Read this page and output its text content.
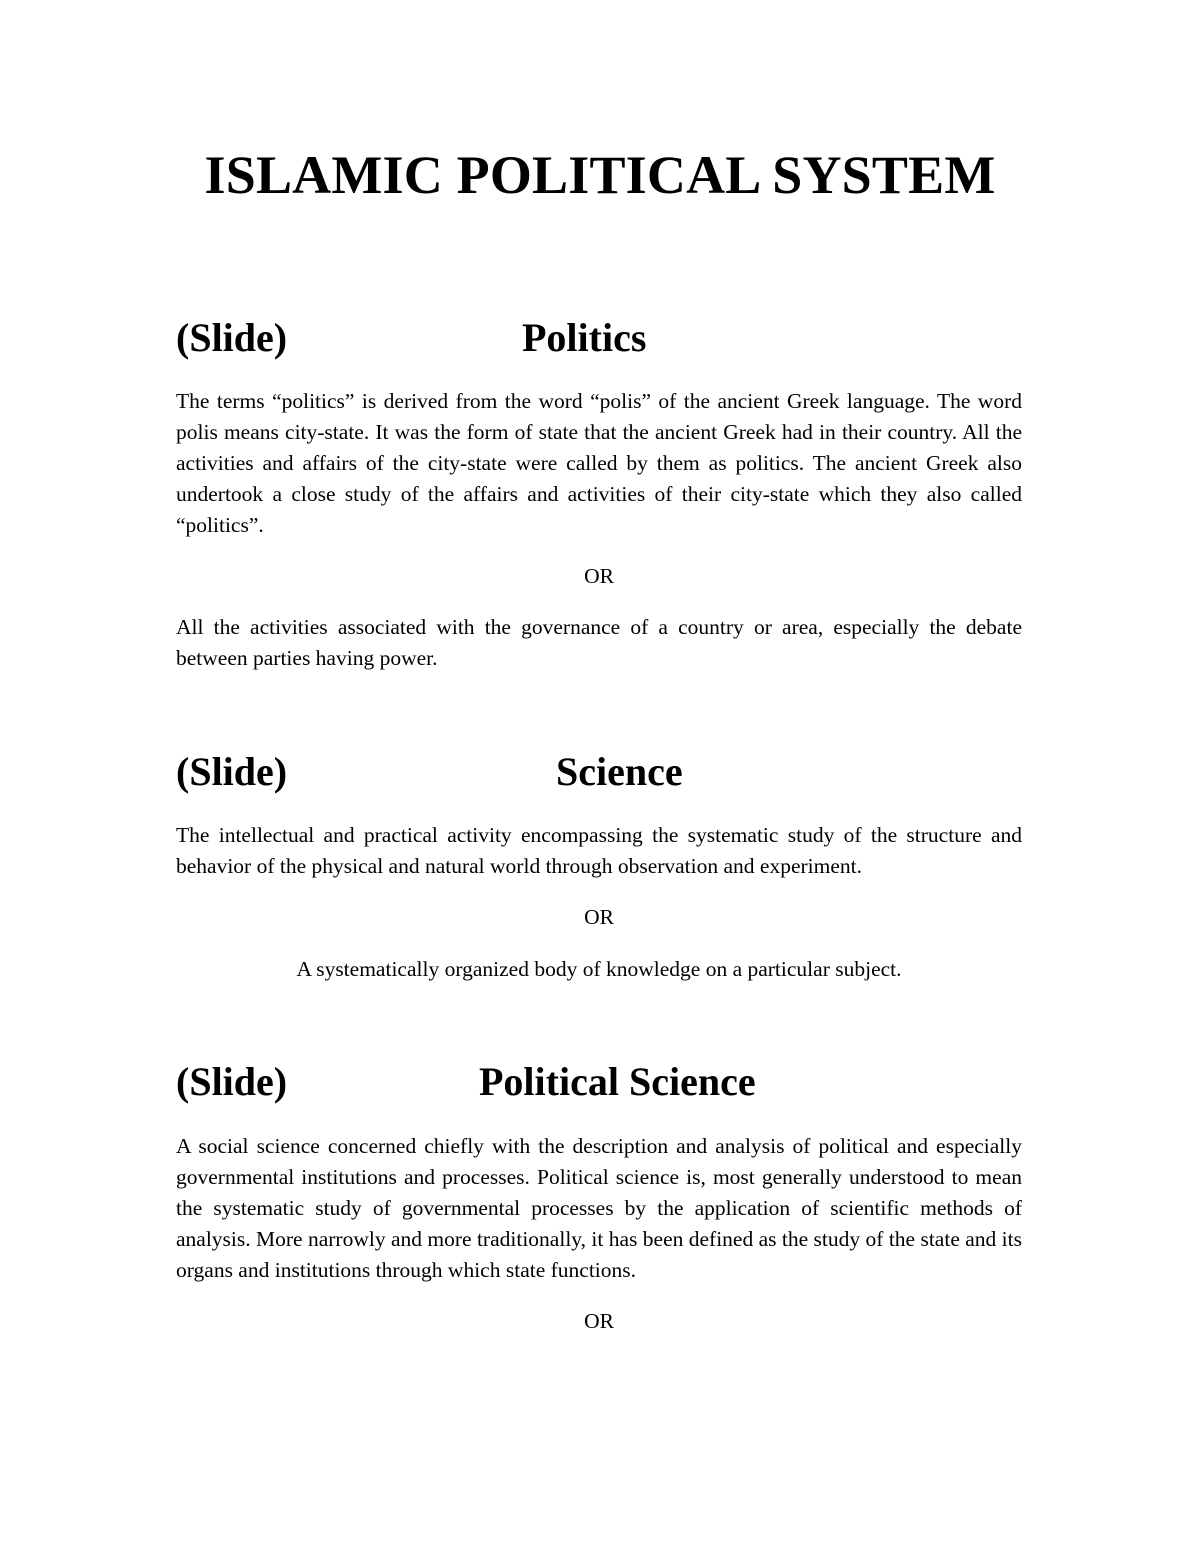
ISLAMIC POLITICAL SYSTEM
(Slide)	Politics

The terms “politics” is derived from the word “polis” of the ancient Greek language. The word polis means city-state. It was the form of state that the ancient Greek had in their country. All the activities and affairs of the city-state were called by them as politics. The ancient Greek also undertook a close study of the affairs and activities of their city-state which they also called “politics”.

OR

All the activities associated with the governance of a country or area, especially the debate between parties having power.

(Slide)	Science

The intellectual and practical activity encompassing the systematic study of the structure and behavior of the physical and natural world through observation and experiment.

OR

A systematically organized body of knowledge on a particular subject.

(Slide)	Political Science

A social science concerned chiefly with the description and analysis of political and especially governmental institutions and processes. Political science is, most generally understood to mean the systematic study of governmental processes by the application of scientific methods of analysis. More narrowly and more traditionally, it has been defined as the study of the state and its organs and institutions through which state functions.

OR
